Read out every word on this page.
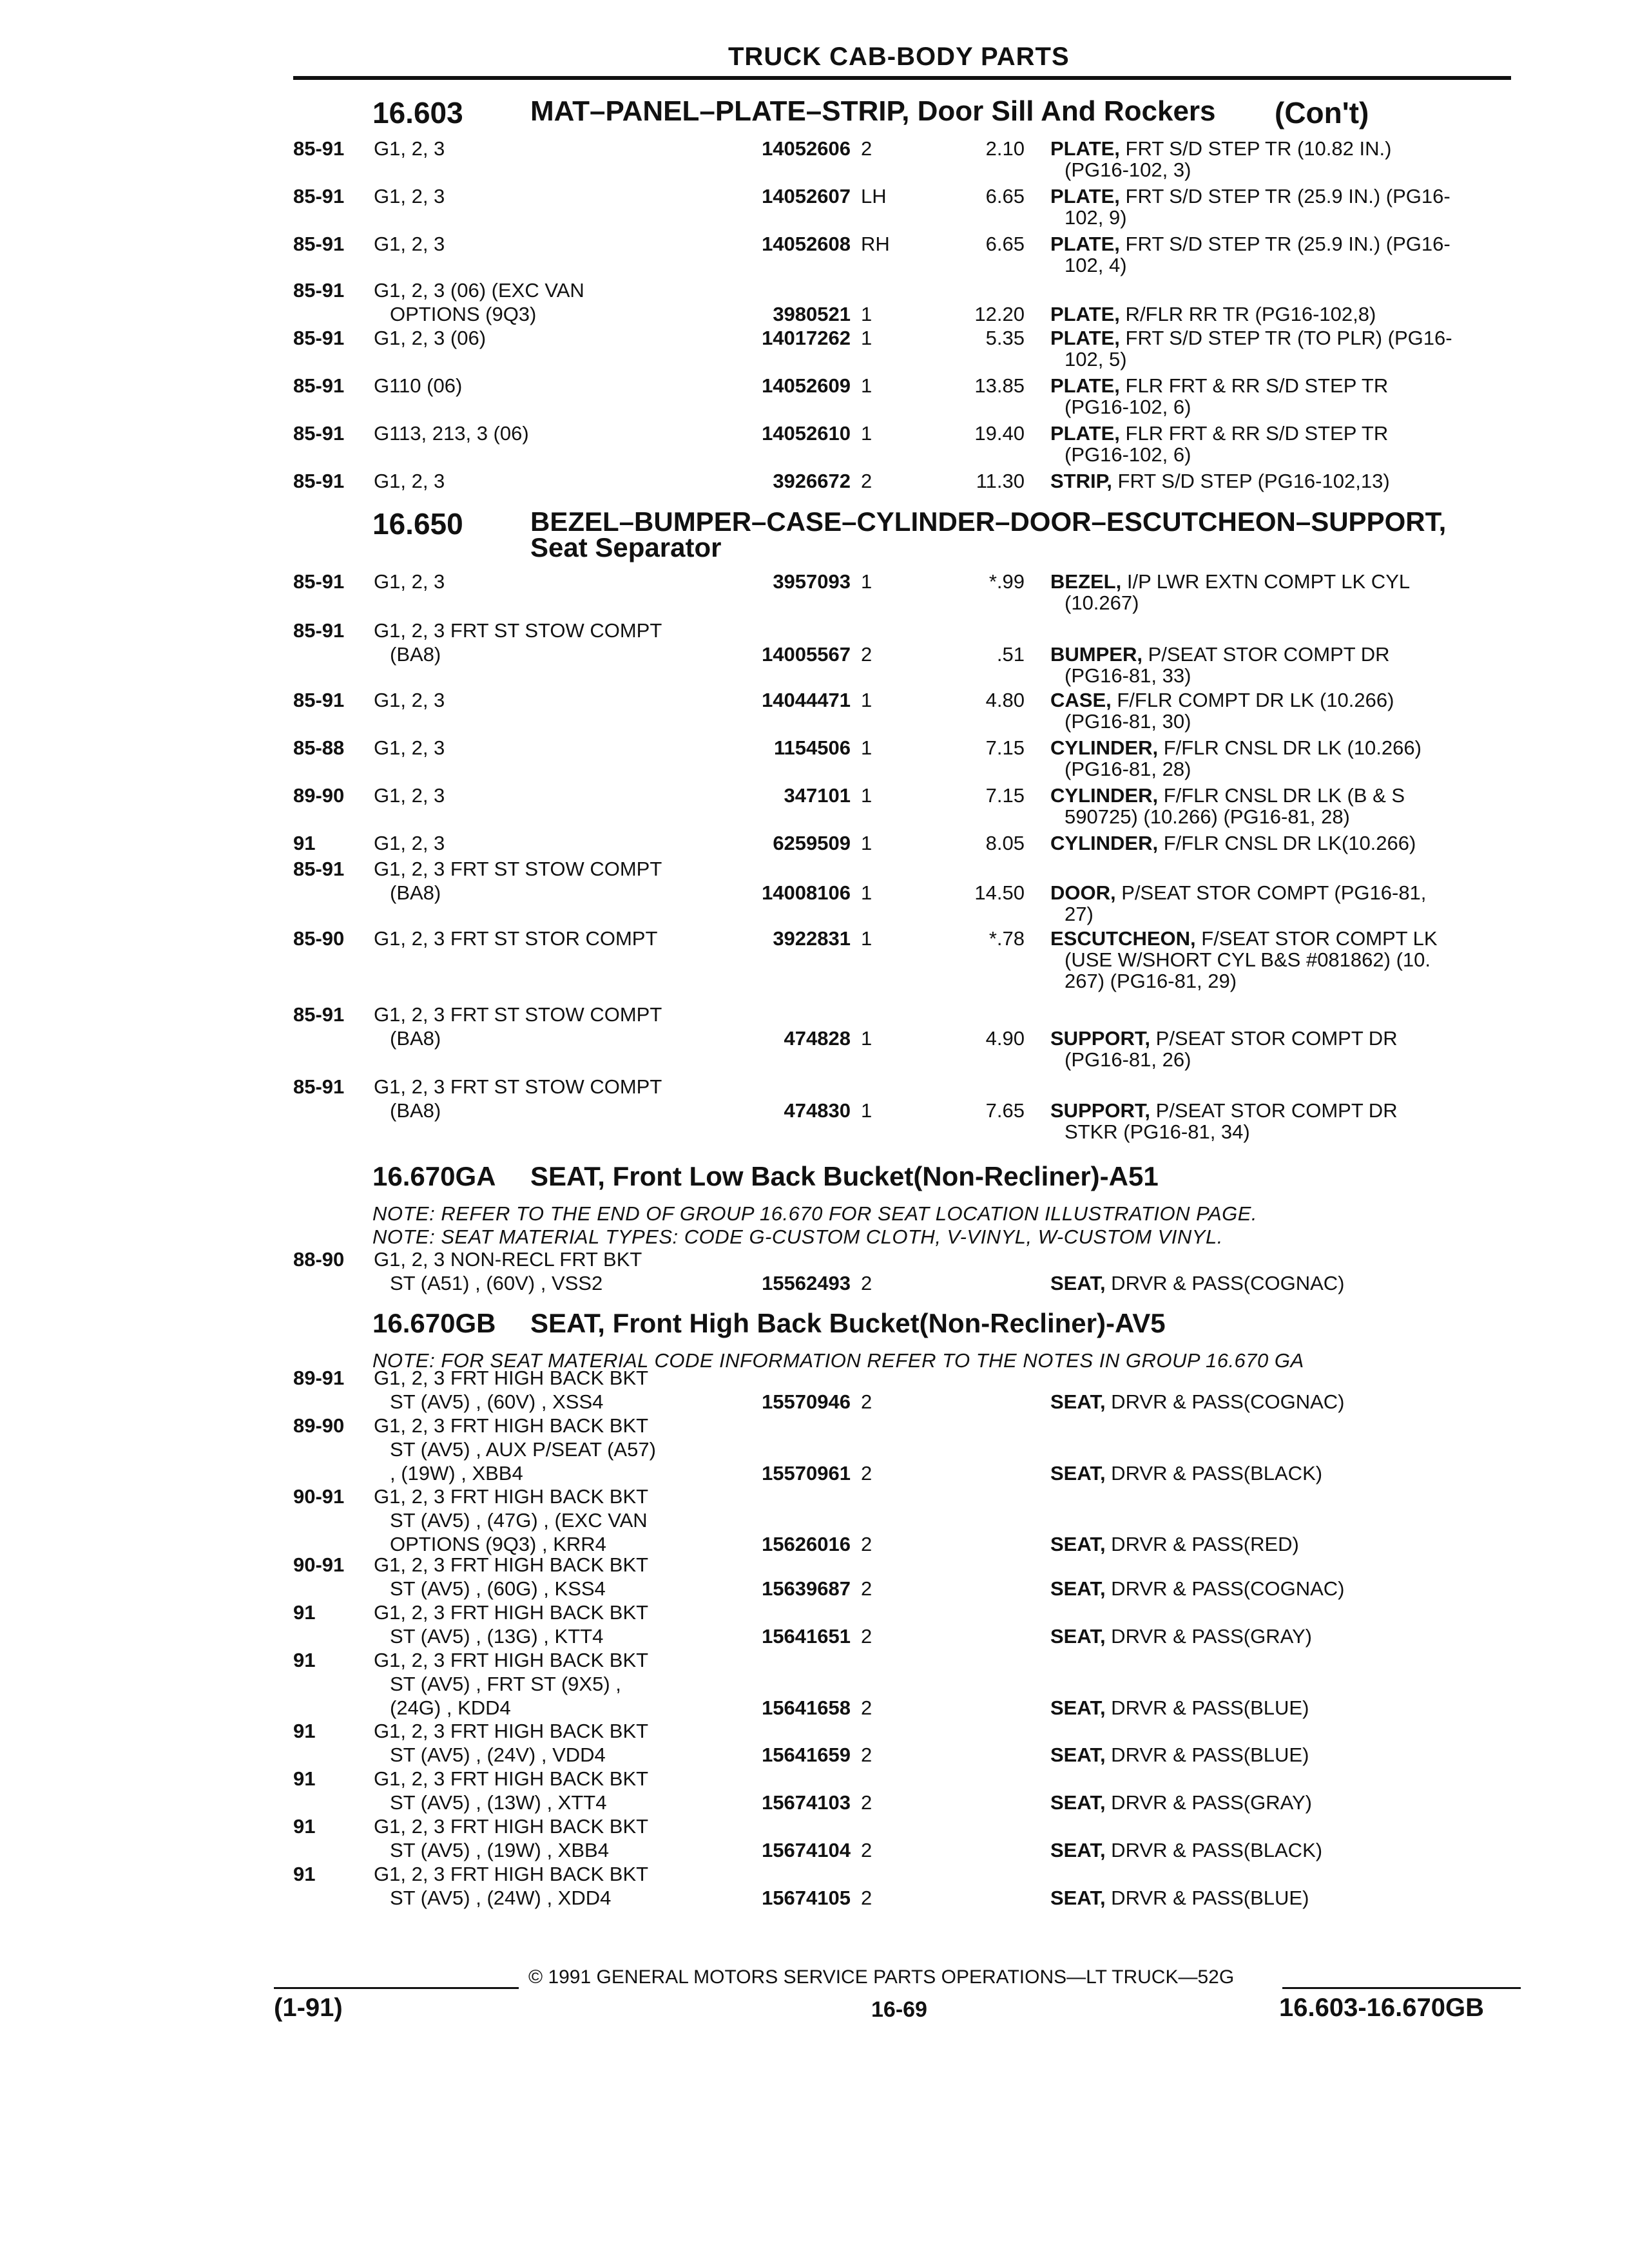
TRUCK CAB-BODY PARTS
16.603 MAT–PANEL–PLATE–STRIP, Door Sill And Rockers (Con't)
85-91 G1, 2, 3	14052606 2	2.10 PLATE, FRT S/D STEP TR (10.82 IN.)
(PG16-102, 3)
85-91 G1, 2, 3	14052607 LH	6.65 PLATE, FRT S/D STEP TR (25.9 IN.) (PG16-
102, 9)
85-91 G1, 2, 3	14052608 RH	6.65 PLATE, FRT S/D STEP TR (25.9 IN.) (PG16-
102, 4)
85-91 G1, 2, 3 (06) (EXC VAN
OPTIONS (9Q3)	3980521 1	12.20 PLATE, R/FLR RR TR (PG16-102,8)
85-91 G1, 2, 3 (06)	14017262 1	5.35 PLATE, FRT S/D STEP TR (TO PLR) (PG16-
102, 5)
85-91 G110 (06)	14052609 1	13.85 PLATE, FLR FRT & RR S/D STEP TR
(PG16-102, 6)
85-91 G113, 213, 3 (06)	14052610 1	19.40 PLATE, FLR FRT & RR S/D STEP TR
(PG16-102, 6)
85-91 G1, 2, 3	3926672 2	11.30 STRIP, FRT S/D STEP (PG16-102,13)
16.650 BEZEL–BUMPER–CASE–CYLINDER–DOOR–ESCUTCHEON–SUPPORT,
Seat Separator
85-91 G1, 2, 3	3957093 1	*.99 BEZEL, I/P LWR EXTN COMPT LK CYL
(10.267)
85-91 G1, 2, 3 FRT ST STOW COMPT
(BA8)	14005567 2	.51 BUMPER, P/SEAT STOR COMPT DR
(PG16-81, 33)
85-91 G1, 2, 3	14044471 1	4.80 CASE, F/FLR COMPT DR LK (10.266)
(PG16-81, 30)
85-88 G1, 2, 3	1154506 1	7.15 CYLINDER, F/FLR CNSL DR LK (10.266)
(PG16-81, 28)
89-90 G1, 2, 3	347101 1	7.15 CYLINDER, F/FLR CNSL DR LK (B & S
590725) (10.266) (PG16-81, 28)
91	G1, 2, 3	6259509 1	8.05 CYLINDER, F/FLR CNSL DR LK(10.266)
85-91 G1, 2, 3 FRT ST STOW COMPT
(BA8)	14008106 1	14.50 DOOR, P/SEAT STOR COMPT (PG16-81,
27)
85-90 G1, 2, 3 FRT ST STOR COMPT	3922831 1	*.78 ESCUTCHEON, F/SEAT STOR COMPT LK
(USE W/SHORT CYL B&S #081862) (10.
267) (PG16-81, 29)
85-91 G1, 2, 3 FRT ST STOW COMPT
(BA8)	474828 1	4.90 SUPPORT, P/SEAT STOR COMPT DR
(PG16-81, 26)
85-91 G1, 2, 3 FRT ST STOW COMPT
(BA8)	474830 1	7.65 SUPPORT, P/SEAT STOR COMPT DR
STKR (PG16-81, 34)
16.670GA SEAT, Front Low Back Bucket(Non-Recliner)-A51
NOTE: REFER TO THE END OF GROUP 16.670 FOR SEAT LOCATION ILLUSTRATION PAGE.
NOTE: SEAT MATERIAL TYPES: CODE G-CUSTOM CLOTH, V-VINYL, W-CUSTOM VINYL.
88-90 G1, 2, 3 NON-RECL FRT BKT
ST (A51) , (60V) , VSS2	15562493 2	SEAT, DRVR & PASS(COGNAC)
16.670GB SEAT, Front High Back Bucket(Non-Recliner)-AV5
NOTE: FOR SEAT MATERIAL CODE INFORMATION REFER TO THE NOTES IN GROUP 16.670 GA
89-91 G1, 2, 3 FRT HIGH BACK BKT
ST (AV5) , (60V) , XSS4	15570946 2	SEAT, DRVR & PASS(COGNAC)
89-90 G1, 2, 3 FRT HIGH BACK BKT
ST (AV5) , AUX P/SEAT (A57)
, (19W) , XBB4	15570961 2	SEAT, DRVR & PASS(BLACK)
90-91 G1, 2, 3 FRT HIGH BACK BKT
ST (AV5) , (47G) , (EXC VAN
OPTIONS (9Q3) , KRR4	15626016 2	SEAT, DRVR & PASS(RED)
90-91 G1, 2, 3 FRT HIGH BACK BKT
ST (AV5) , (60G) , KSS4	15639687 2	SEAT, DRVR & PASS(COGNAC)
91	G1, 2, 3 FRT HIGH BACK BKT
ST (AV5) , (13G) , KTT4	15641651 2	SEAT, DRVR & PASS(GRAY)
91	G1, 2, 3 FRT HIGH BACK BKT
ST (AV5) , FRT ST (9X5) ,
(24G) , KDD4	15641658 2	SEAT, DRVR & PASS(BLUE)
91	G1, 2, 3 FRT HIGH BACK BKT
ST (AV5) , (24V) , VDD4	15641659 2	SEAT, DRVR & PASS(BLUE)
91	G1, 2, 3 FRT HIGH BACK BKT
ST (AV5) , (13W) , XTT4	15674103 2	SEAT, DRVR & PASS(GRAY)
91	G1, 2, 3 FRT HIGH BACK BKT
ST (AV5) , (19W) , XBB4	15674104 2	SEAT, DRVR & PASS(BLACK)
91	G1, 2, 3 FRT HIGH BACK BKT
ST (AV5) , (24W) , XDD4	15674105 2	SEAT, DRVR & PASS(BLUE)
© 1991 GENERAL MOTORS SERVICE PARTS OPERATIONS—LT TRUCK—52G
(1-91)	16-69	16.603-16.670GB
